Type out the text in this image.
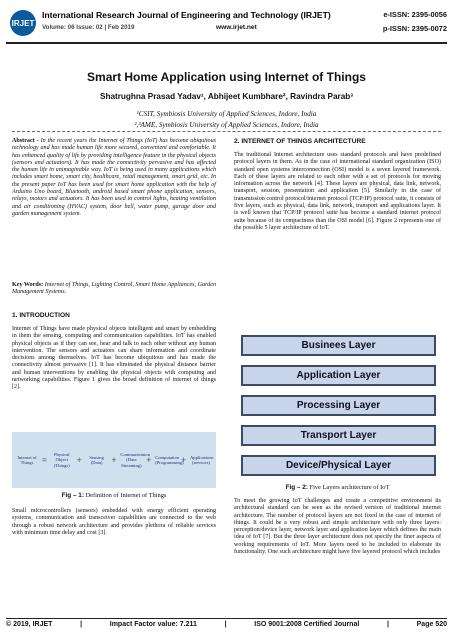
IRJET
International Research Journal of Engineering and Technology (IRJET)	e-ISSN: 2395-0056
Volume: 06 Issue: 02 | Feb 2019	www.irjet.net	p-ISSN: 2395-0072
Smart Home Application using Internet of Things
Shatrughna Prasad Yadav¹, Abhijeet Kumbhare², Ravindra Parab³
¹CSIT, Symbiosis University of Applied Sciences, Indore, India
²,³AME, Symbiosis University of Applied Sciences, Indore, India
Abstract - In the recent years the Internet of Things (IoT) has become ubiquitous technology and has made human life more secured, convenient and comfortable. It has enhanced quality of life by providing intelligence feature in the physical objects (sensors and actuators). It has made the connectivity pervasive and has affected the human life in unimaginable way. IoT is being used in many applications which includes smart home, smart city, healthcare, retail management, smart grid, etc. In the present paper IoT has been used for smart home application with the help of Arduino Uno board, Bluetooth, android based smart phone application, sensors, relays, motors and actuators. It has been used to control lights, heating ventilation and air conditioning (HVAC) system, door bell, water pump, garage door and garden management system.
Key Words: Internet of Things, Lighting Control, Smart Home Appliances, Garden Management Systems.
1. INTRODUCTION
Internet of Things have made physical objects intelligent and smart by embedding in them the sensing, computing and communication capabilities. IoT has enabled physical objects as if they can see, hear and talk to each other without any human intervention. The sensors and actuators can share information and coordinate decisions among themselves. IoT has become ubiquitous and has made the connectivity almost pervasive [1]. It has eliminated the physical distance barrier and human interventions by enabling the physical objects with computing and networking capabilities. Figure 1 gives the broad definition of internet of things [2].
Internet of Things =
Physical Object (Things)
+	Sensing (Data) +
Communication (Data Streaming)
+ Computation (Programming)
+ Applications (services)
Fig – 1: Definition of Internet of Things
Small microcontrollers (sensors) embedded with energy efficient operating systems, communication and transceiver capabilities are connected to the web through a robust network architecture and provides plethora of reliable services with minimum time delay and cost [3].
2. INTERNET OF THINGS ARCHITECTURE
The traditional Internet architecture uses standard protocols and have predefined protocol layers in them. As in the case of international standard organization (ISO) standard open systems interconnection (OSI) model is a seven layered framework. Each of these layers are related to each other with a set of protocols for moving information across the network [4]. These layers are physical, data link, network, transport, session, presentation and application [5]. Similarly in the case of transmission control protocol/internet protocol (TCP/IP) protocol suite, it consists of five layers, such as physical, data link, network, transport and applications layer. It is well known that TCP/IP protocol suite has become a standard internet protocol suite because of its compactness than the OSI model [6]. Figure 2 represents one of the possible 5 layer architecture of IoT.
Businees Layer
Application Layer
Processing Layer
Transport Layer
Device/Physical Layer
Fig – 2: Five Layers architecture of IoT
To meet the growing IoT challenges and create a competitive environment its architectural standard can be seen as the revised version of traditional internet architecture. The number of protocol layers are not fixed in the case of internet of things. It could be a very robust and simple architecture with only three layers: perception/device layer, network layer and application layer which defines the main idea of IoT [7]. But the three layer architecture does not specify the finer aspects of working requirements of IoT. More layers need to be included to elaborate its functionality. One such architecture might have five layered protocol which includes
© 2019, IRJET	|	Impact Factor value: 7.211	|	ISO 9001:2008 Certified Journal	|	Page 520
